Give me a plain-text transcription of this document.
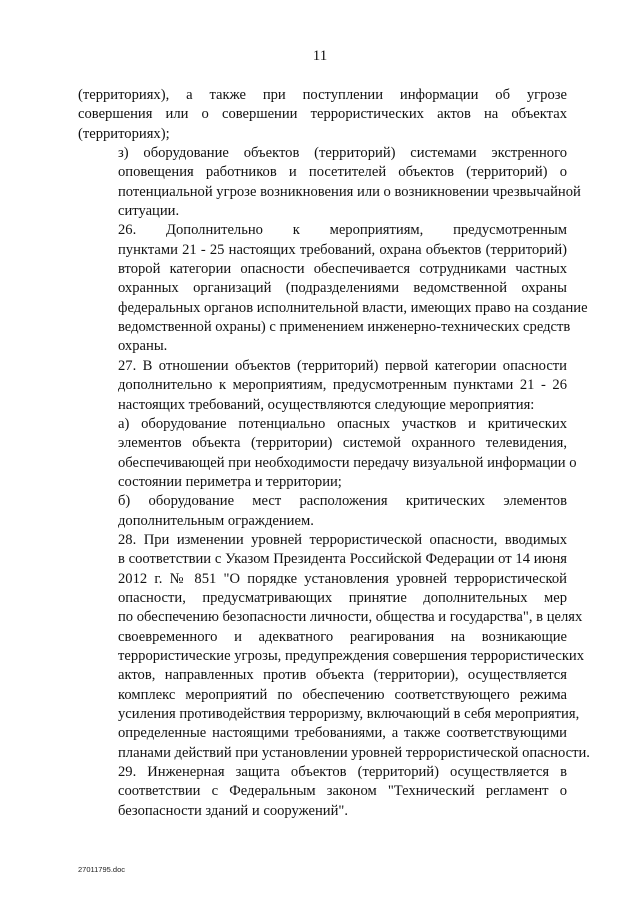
11

(территориях), а также при поступлении информации об угрозе
совершения или о совершении террористических актов на объектах
(территориях);

з) оборудование объектов (территорий) системами экстренного
оповещения работников и посетителей объектов (территорий) о
потенциальной угрозе возникновения или о возникновении чрезвычайной
ситуации.

26. Дополнительно к мероприятиям, предусмотренным
пунктами 21 - 25 настоящих требований, охрана объектов (территорий)
второй категории опасности обеспечивается сотрудниками частных
охранных организаций (подразделениями ведомственной охраны
федеральных органов исполнительной власти, имеющих право на создание
ведомственной охраны) с применением инженерно-технических средств
охраны.

27. В отношении объектов (территорий) первой категории опасности
дополнительно к мероприятиям, предусмотренным пунктами 21 - 26
настоящих требований, осуществляются следующие мероприятия:

а) оборудование потенциально опасных участков и критических
элементов объекта (территории) системой охранного телевидения,
обеспечивающей при необходимости передачу визуальной информации о
состоянии периметра и территории;

б) оборудование мест расположения критических элементов
дополнительным ограждением.

28. При изменении уровней террористической опасности, вводимых
в соответствии с Указом Президента Российской Федерации от 14 июня
2012 г. № 851 "О порядке установления уровней террористической
опасности, предусматривающих принятие дополнительных мер
по обеспечению безопасности личности, общества и государства", в целях
своевременного и адекватного реагирования на возникающие
террористические угрозы, предупреждения совершения террористических
актов, направленных против объекта (территории), осуществляется
комплекс мероприятий по обеспечению соответствующего режима
усиления противодействия терроризму, включающий в себя мероприятия,
определенные настоящими требованиями, а также соответствующими
планами действий при установлении уровней террористической опасности.

29. Инженерная защита объектов (территорий) осуществляется в
соответствии с Федеральным законом "Технический регламент о
безопасности зданий и сооружений".

27011795.doc
